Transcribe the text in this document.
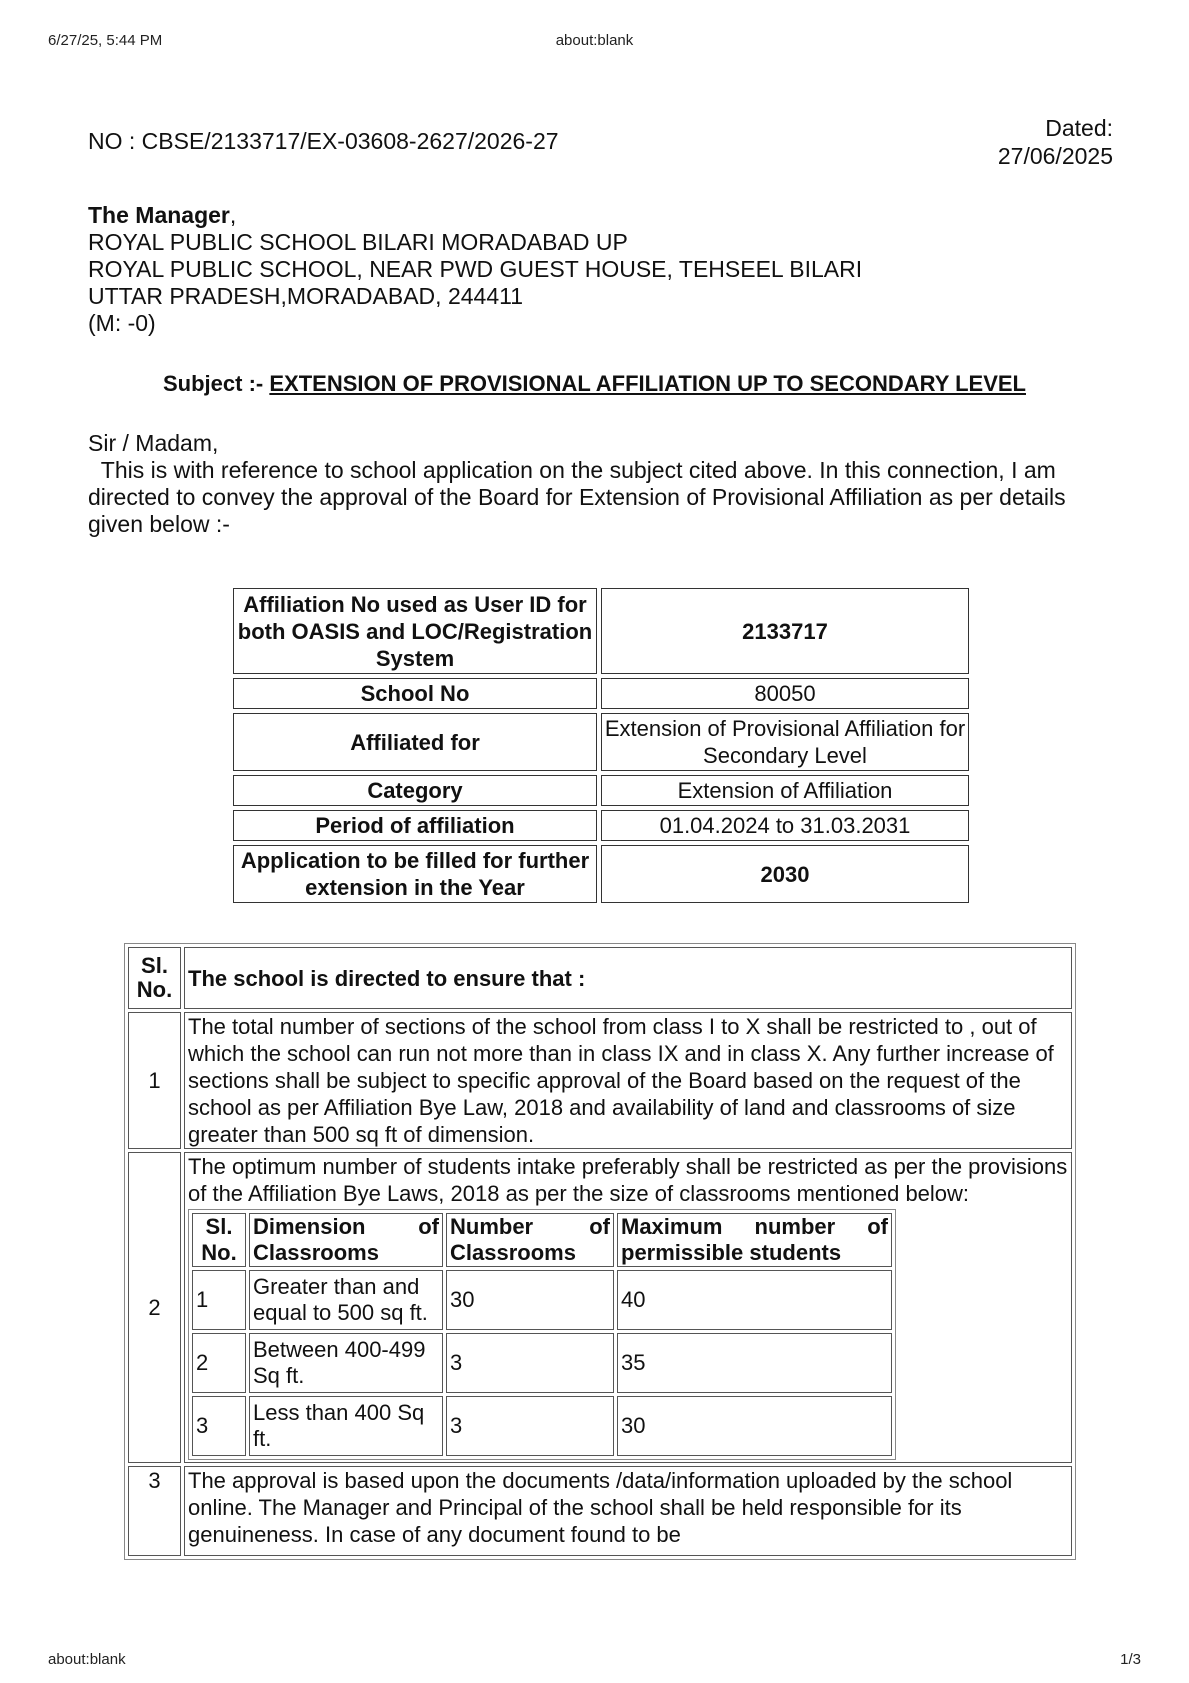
about:blank
6/27/25, 5:44 PM
NO : CBSE/2133717/EX-03608-2627/2026-27	Dated:
27/06/2025
The Manager,
ROYAL PUBLIC SCHOOL BILARI MORADABAD UP
ROYAL PUBLIC SCHOOL, NEAR PWD GUEST HOUSE, TEHSEEL BILARI
UTTAR PRADESH,MORADABAD, 244411
(M: -0)
Subject :- EXTENSION OF PROVISIONAL AFFILIATION UP TO SECONDARY LEVEL
Sir / Madam,
This is with reference to school application on the subject cited above. In this connection, I am directed to convey the approval of the Board for Extension of Provisional Affiliation as per details given below :-
Affiliation No used as User ID for both OASIS and LOC/Registration System	2133717
School No	80050
Affiliated for	Extension of Provisional Affiliation for Secondary Level
Category	Extension of Affiliation
Period of affiliation	01.04.2024 to 31.03.2031
Application to be filled for further extension in the Year	2030
Sl. No.	The school is directed to ensure that :
1	The total number of sections of the school from class I to X shall be restricted to , out of which the school can run not more than in class IX and in class X. Any further increase of sections shall be subject to specific approval of the Board based on the request of the school as per Affiliation Bye Law, 2018 and availability of land and classrooms of size greater than 500 sq ft of dimension.
2	
The optimum number of students intake preferably shall be restricted as per the provisions of the Affiliation Bye Laws, 2018 as per the size of classrooms mentioned below:
Sl. No.	Dimension of Classrooms	Number of Classrooms	Maximum number of permissible students
1	Greater than and equal to 500 sq ft.	30	40
2	Between 400-499 Sq ft.	3	35
3	Less than 400 Sq ft.	3	30

3	The approval is based upon the documents /data/information uploaded by the school online. The Manager and Principal of the school shall be held responsible for its genuineness. In case of any document found to be
about:blank	1/3
